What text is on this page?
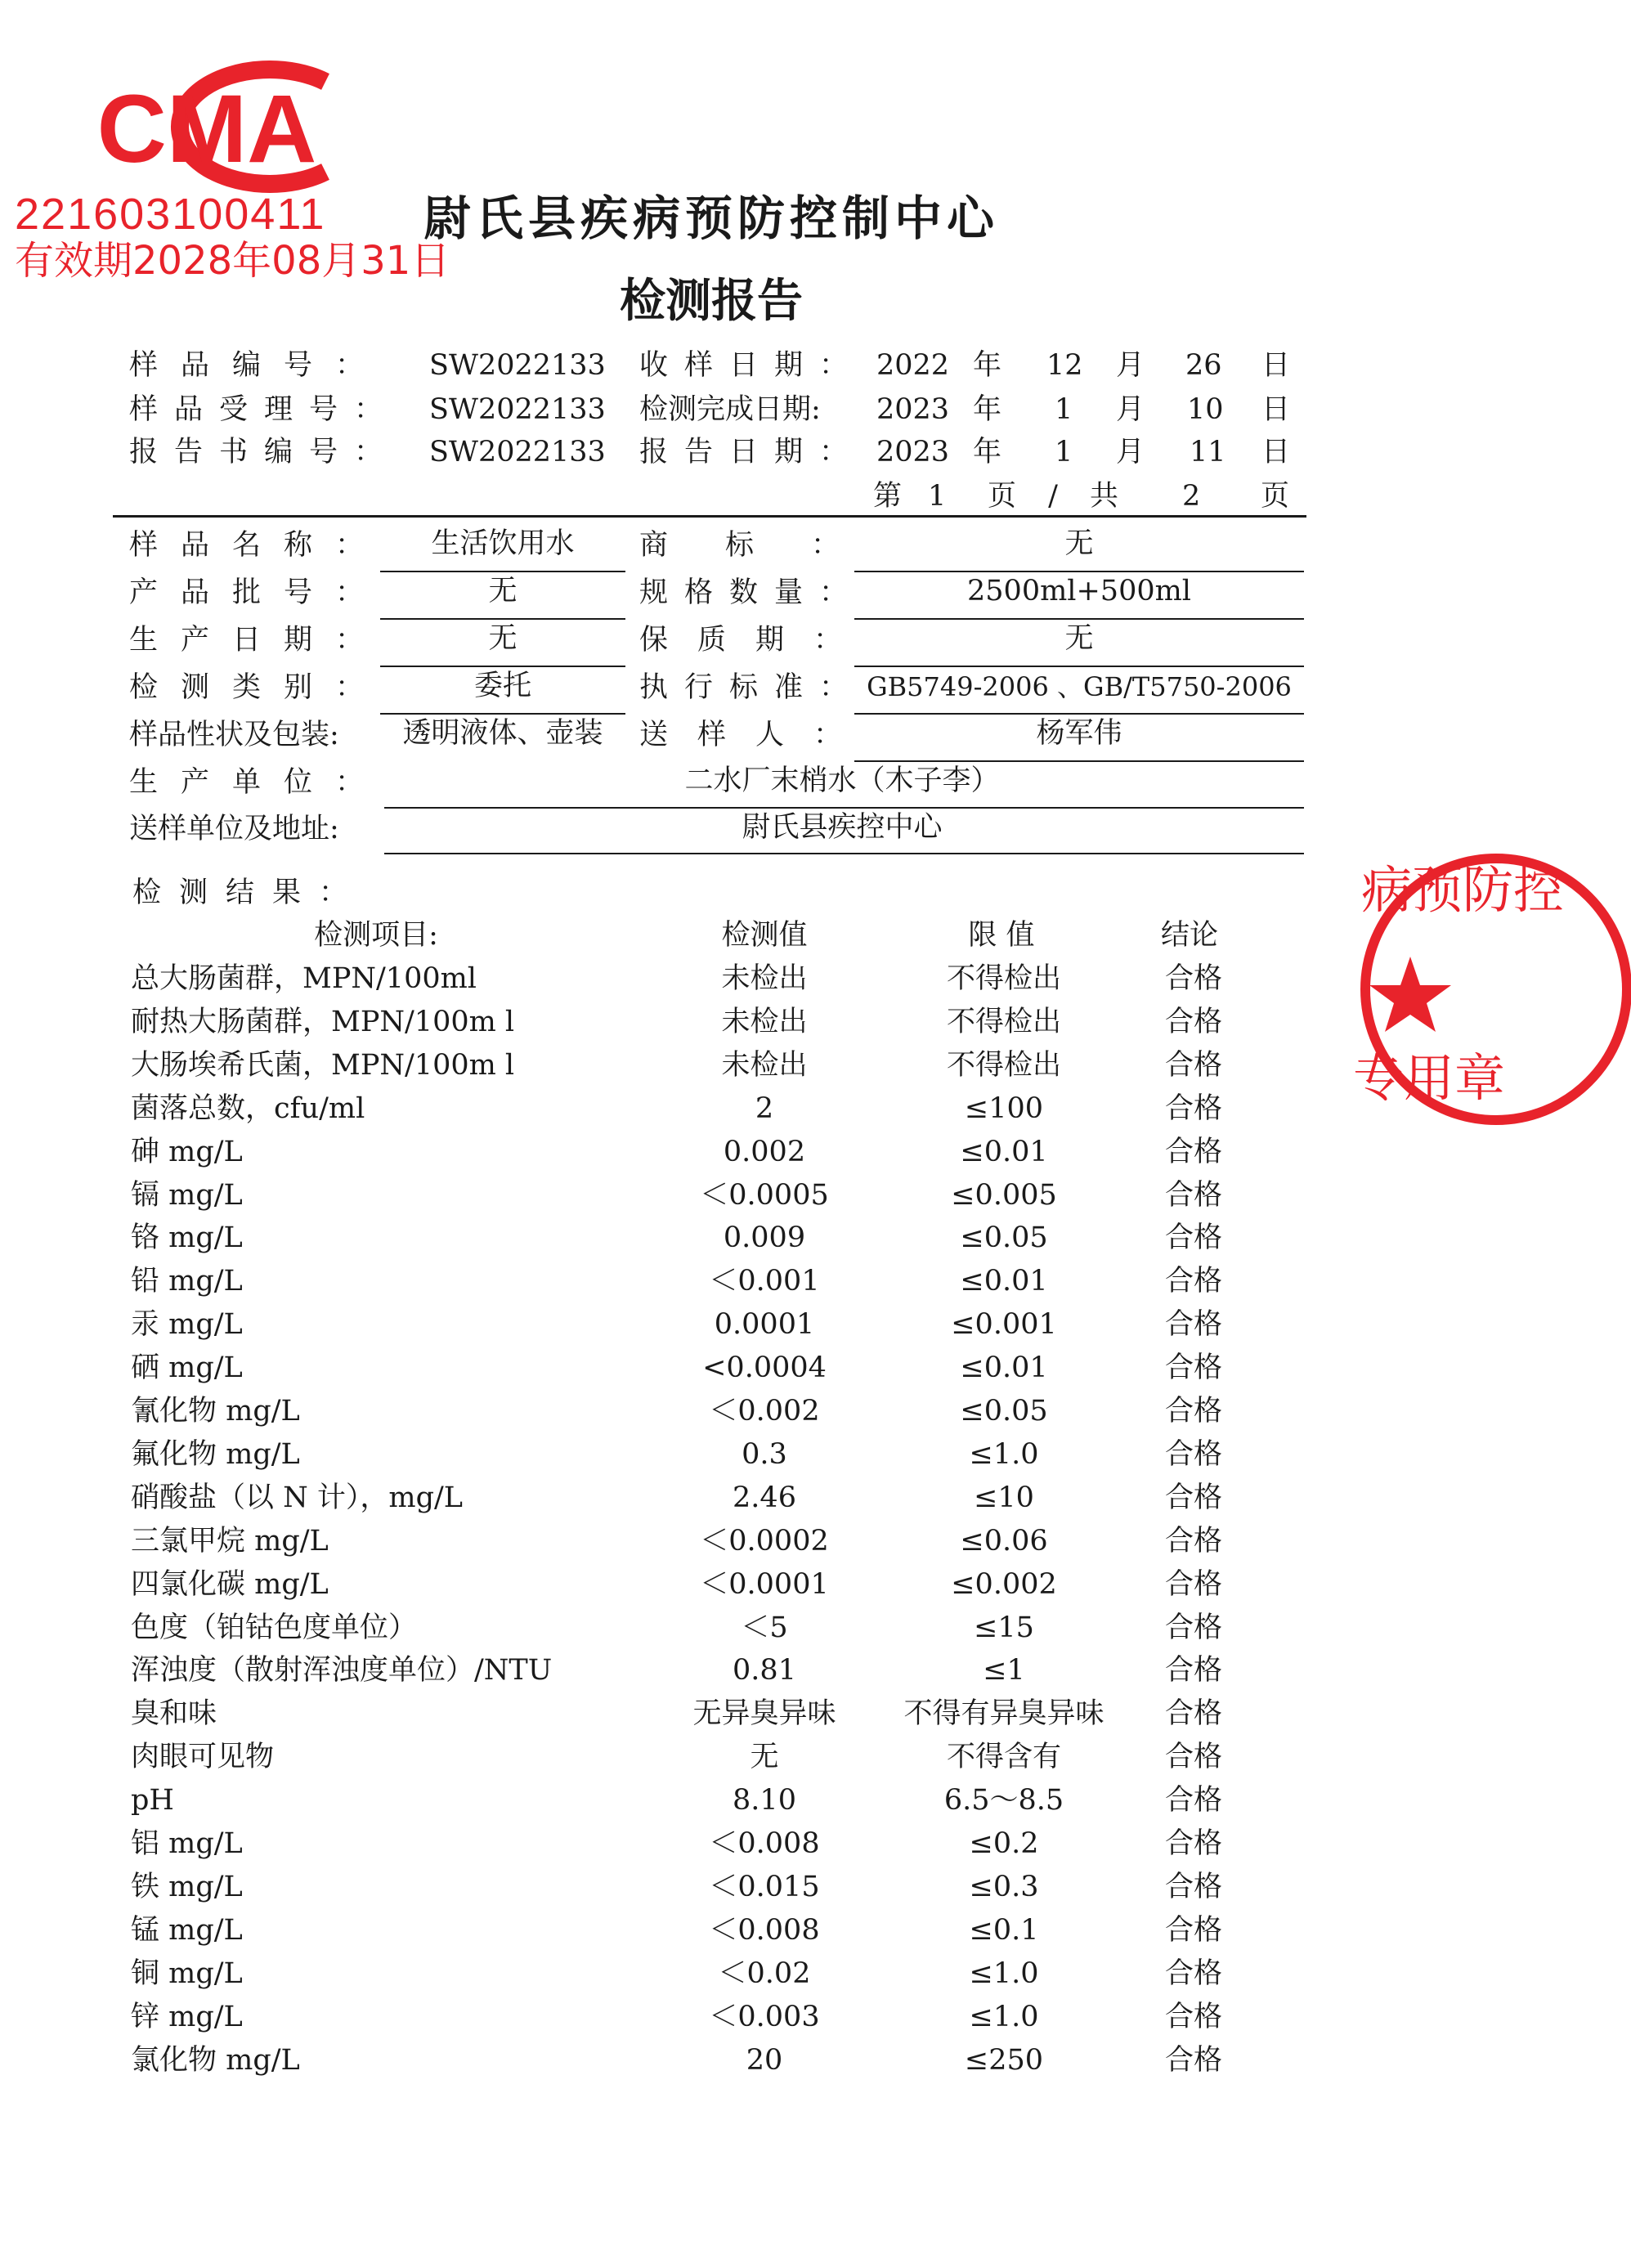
CMA
221603100411
有效期2028年08月31日
病预防控
专用章
尉氏县疾病预防控制中心
检测报告
样品编号： SW2022133 收样日期： 2022 年 12 月 26 日
样品受理号： SW2022133 检测完成日期: 2023 年 1 月 10 日
报告书编号： SW2022133 报告日期： 2023 年 1 月 11 日
第 1 页 / 共 2 页
样品名称： 生活饮用水 商标：	无
产品批号：	无	规格数量：	2500ml+500ml
生产日期：	无	保质期：	无
检测类别：	委托	执行标准： GB5749-2006 、GB/T5750-2006
样品性状及包装: 透明液体、壶装 送样人：	杨军伟
生产单位：	二水厂末梢水（木子李）
送样单位及地址:	尉氏县疾控中心
检测结果：
检测项目:	检测值	限 值	结论
总大肠菌群，MPN/100ml	未检出	不得检出	合格
耐热大肠菌群，MPN/100m l	未检出	不得检出	合格
大肠埃希氏菌，MPN/100m l	未检出	不得检出	合格
菌落总数，cfu/ml	2	≤100	合格
砷 mg/L	0.002	≤0.01	合格
镉 mg/L	＜0.0005	≤0.005	合格
铬 mg/L	0.009	≤0.05	合格
铅 mg/L	＜0.001	≤0.01	合格
汞 mg/L	0.0001	≤0.001	合格
硒 mg/L	<0.0004	≤0.01	合格
氰化物 mg/L	＜0.002	≤0.05	合格
氟化物 mg/L	0.3	≤1.0	合格
硝酸盐（以 N 计），mg/L	2.46	≤10	合格
三氯甲烷 mg/L	＜0.0002	≤0.06	合格
四氯化碳 mg/L	＜0.0001	≤0.002	合格
色度（铂钴色度单位）	＜5	≤15	合格
浑浊度（散射浑浊度单位）/NTU	0.81	≤1	合格
臭和味	无异臭异味 不得有异臭异味 合格
肉眼可见物	无	不得含有	合格
pH	8.10	6.5～8.5	合格
铝 mg/L	＜0.008	≤0.2	合格
铁 mg/L	＜0.015	≤0.3	合格
锰 mg/L	＜0.008	≤0.1	合格
铜 mg/L	＜0.02	≤1.0	合格
锌 mg/L	＜0.003	≤1.0	合格
氯化物 mg/L	20	≤250	合格
